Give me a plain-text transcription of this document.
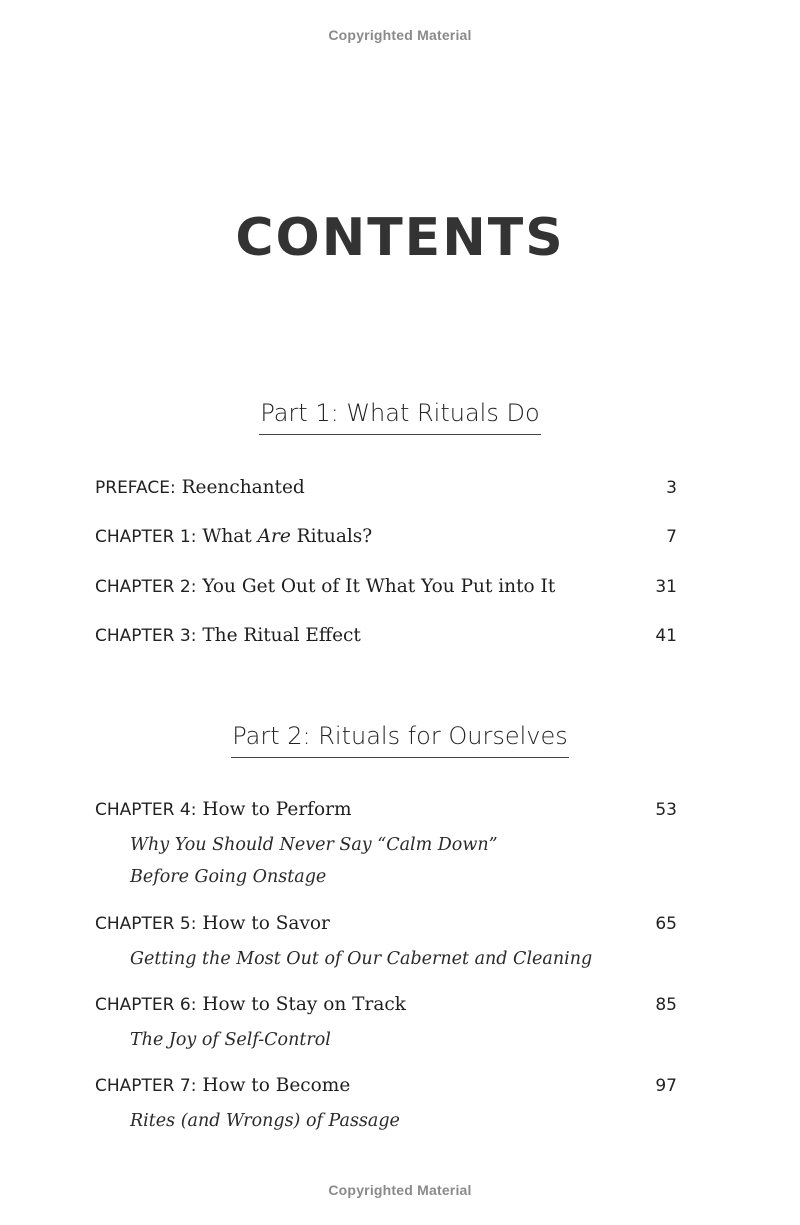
Copyrighted Material
CONTENTS
Part 1: What Rituals Do
PREFACE: Reenchanted	3
CHAPTER 1: What Are Rituals?	7
CHAPTER 2: You Get Out of It What You Put into It	31
CHAPTER 3: The Ritual Effect	41
Part 2: Rituals for Ourselves
CHAPTER 4: How to Perform	53
Why You Should Never Say “Calm Down”
Before Going Onstage
CHAPTER 5: How to Savor	65
Getting the Most Out of Our Cabernet and Cleaning
CHAPTER 6: How to Stay on Track	85
The Joy of Self-Control
CHAPTER 7: How to Become	97
Rites (and Wrongs) of Passage
Copyrighted Material
